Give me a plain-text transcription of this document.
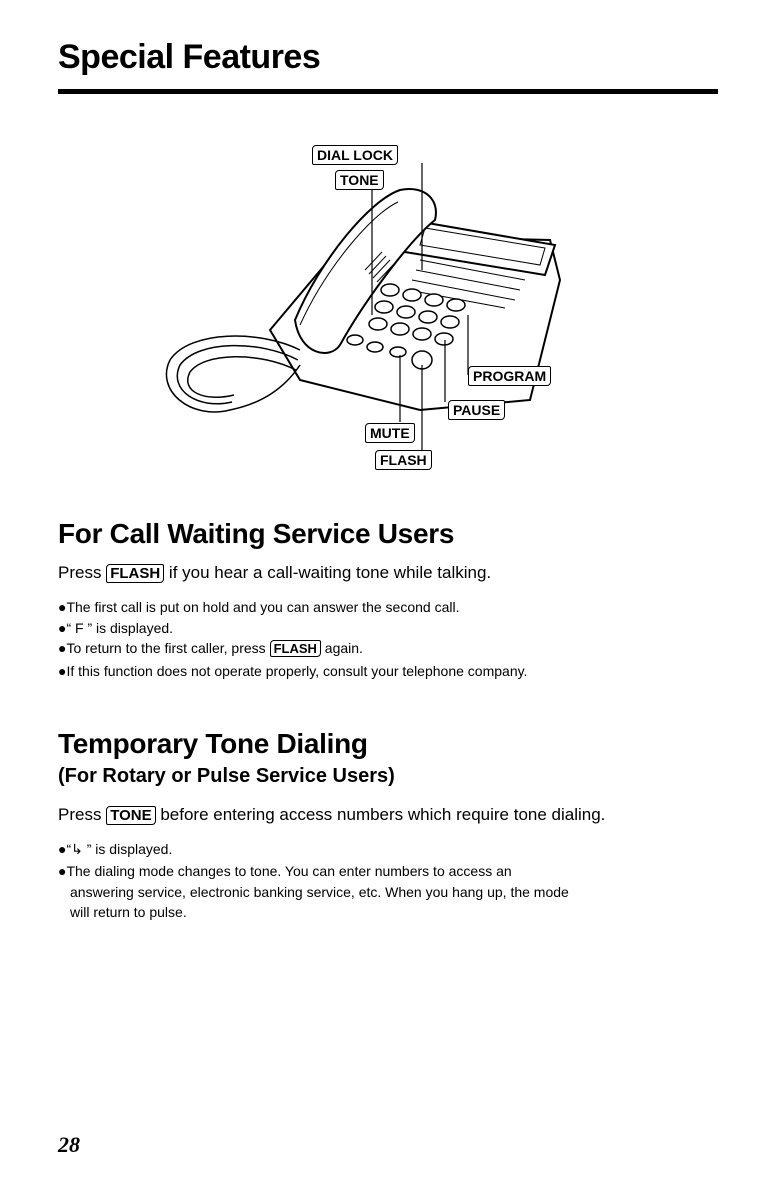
Special Features
DIAL LOCK
TONE
PROGRAM
PAUSE
MUTE
FLASH
For Call Waiting Service Users
Press FLASH if you hear a call-waiting tone while talking.
●The first call is put on hold and you can answer the second call.
●“ F ” is displayed.
●To return to the first caller, press FLASH again.
●If this function does not operate properly, consult your telephone company.
Temporary Tone Dialing
(For Rotary or Pulse Service Users)
Press TONE before entering access numbers which require tone dialing.
●“↳ ” is displayed.
●The dialing mode changes to tone. You can enter numbers to access an
answering service, electronic banking service, etc. When you hang up, the mode
will return to pulse.
28
